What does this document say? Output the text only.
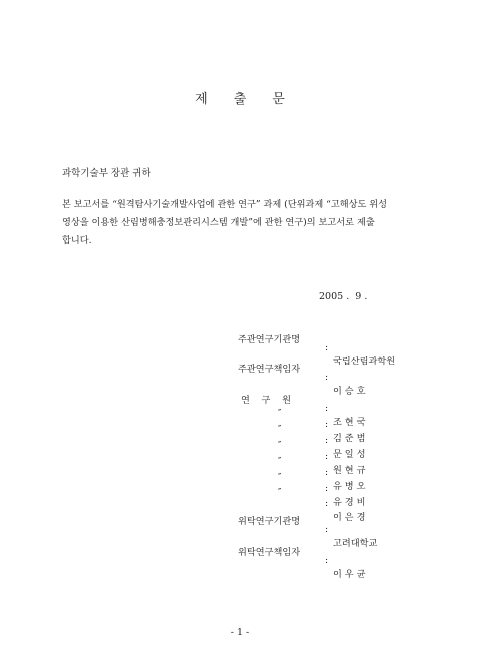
제 출 문
과학기술부 장관 귀하
본 보고서를 “원격탐사기술개발사업에 관한 연구” 과제 (단위과제 “고해상도 위성
영상을 이용한 산림병해충정보관리시스템 개발”에 관한 연구)의 보고서로 제출
합니다.
2005 .  9 .

주관연구기관명

:

국립산림과학원

주관연구책임자

:

이 승 호

연    구    원

:

조 현 국

″

:

김 준 범

″

:

문 일 성

″

:

원 현 규

″

:

유 병 오

″

:

유 경 비

″

:

이 은 경

위탁연구기관명

:

고려대학교

위탁연구책임자

:

이 우 균

- 1 -
